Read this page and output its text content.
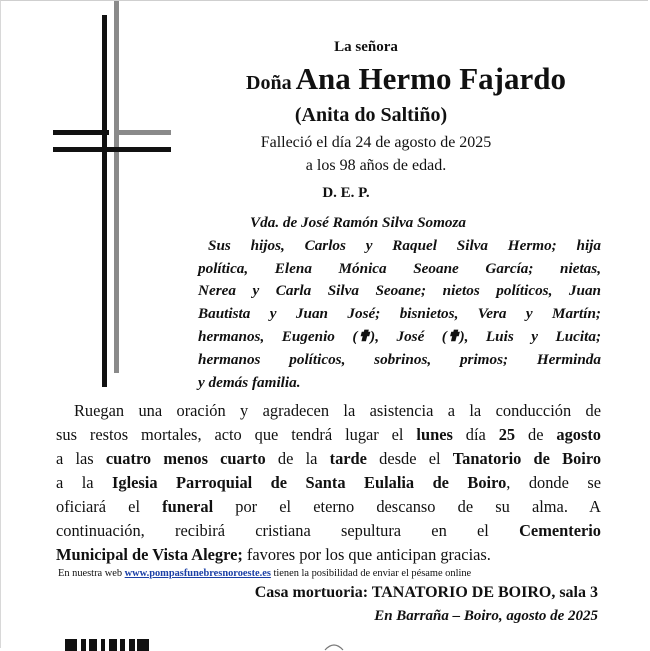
La señora
Doña Ana Hermo Fajardo
(Anita do Saltiño)
Falleció el día 24 de agosto de 2025
a los 98 años de edad.
D. E. P.
Vda. de José Ramón Silva Somoza
Sus hijos, Carlos y Raquel Silva Hermo; hija
política, Elena Mónica Seoane García; nietas,
Nerea y Carla Silva Seoane; nietos políticos, Juan
Bautista y Juan José; bisnietos, Vera y Martín;
hermanos, Eugenio (✟), José (✟), Luis y Lucita;
hermanos políticos, sobrinos, primos; Herminda
y demás familia.
Ruegan una oración y agradecen la asistencia a la conducción de
sus restos mortales, acto que tendrá lugar el lunes día 25 de agosto
a las cuatro menos cuarto de la tarde desde el Tanatorio de Boiro
a la Iglesia Parroquial de Santa Eulalia de Boiro, donde se
oficiará el funeral por el eterno descanso de su alma. A
continuación, recibirá cristiana sepultura en el Cementerio
Municipal de Vista Alegre; favores por los que anticipan gracias.
En nuestra web www.pompasfunebresnoroeste.es tienen la posibilidad de enviar el pésame online
Casa mortuoria: TANATORIO DE BOIRO, sala 3
En Barraña – Boiro, agosto de 2025
